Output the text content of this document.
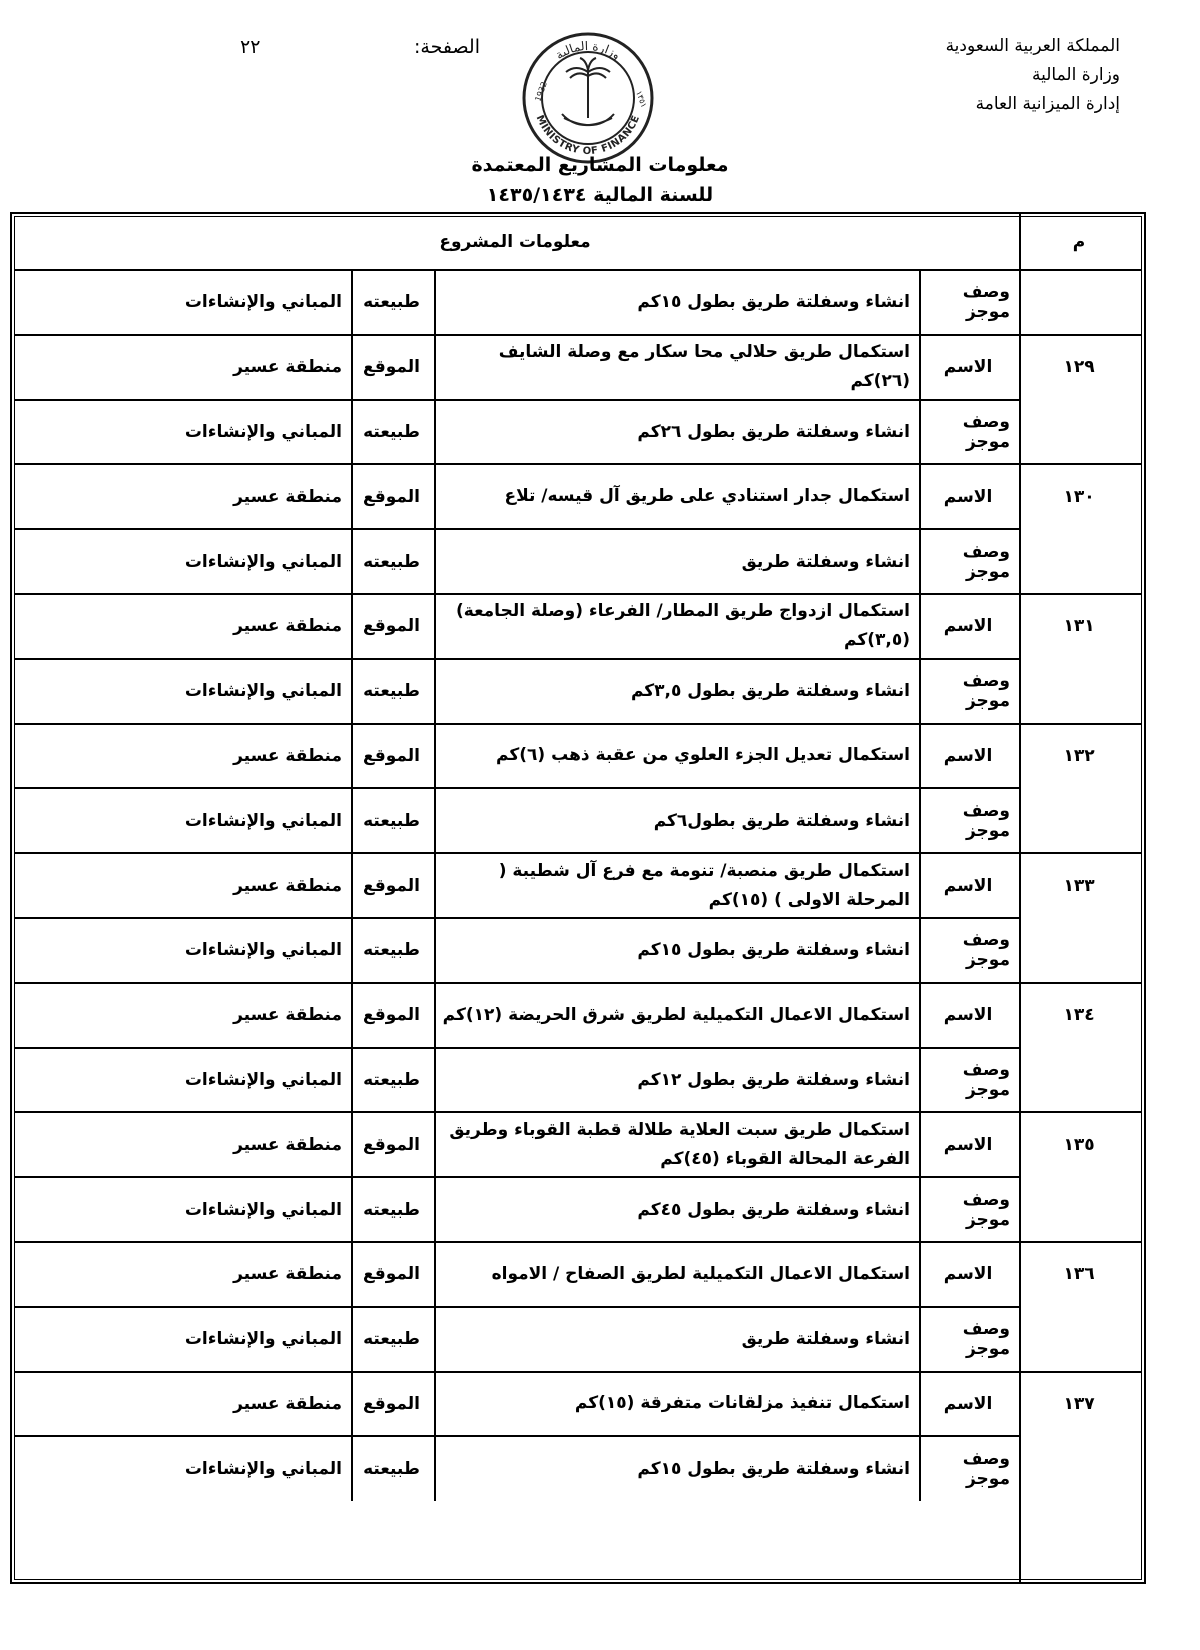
المملكة العربية السعودية
وزارة المالية
إدارة الميزانية العامة
الصفحة:
٢٢	وزارة المالية
MINISTRY OF FINANCE
1932	١٣٥١
معلومات المشاريع المعتمدة
للسنة المالية ١٤٣٥/١٤٣٤
م
معلومات المشروع
وصف موجز
انشاء وسفلتة طريق بطول ١٥كم
طبيعته
المباني والإنشاءات
١٢٩
الاسم
استكمال طريق حلالي محا سكار مع وصلة الشايف (٢٦)كم
الموقع
منطقة عسير
وصف موجز
انشاء وسفلتة طريق بطول ٢٦كم
طبيعته
المباني والإنشاءات
١٣٠
الاسم
استكمال جدار استنادي على طريق آل قيسه/ تلاع
الموقع
منطقة عسير
وصف موجز
انشاء وسفلتة طريق
طبيعته
المباني والإنشاءات
١٣١
الاسم
استكمال ازدواج طريق المطار/ الفرعاء (وصلة الجامعة) (٣,٥)كم
الموقع
منطقة عسير
وصف موجز
انشاء وسفلتة طريق بطول ٣,٥كم
طبيعته
المباني والإنشاءات
١٣٢
الاسم
استكمال تعديل الجزء العلوي من عقبة ذهب (٦)كم
الموقع
منطقة عسير
وصف موجز
انشاء وسفلتة طريق بطول٦كم
طبيعته
المباني والإنشاءات
١٣٣
الاسم
استكمال طريق منصبة/ تنومة مع فرع آل شطيبة ( المرحلة الاولى ) (١٥)كم
الموقع
منطقة عسير
وصف موجز
انشاء وسفلتة طريق بطول ١٥كم
طبيعته
المباني والإنشاءات
١٣٤
الاسم
استكمال الاعمال التكميلية لطريق شرق الحريضة (١٢)كم
الموقع
منطقة عسير
وصف موجز
انشاء وسفلتة طريق بطول ١٢كم
طبيعته
المباني والإنشاءات
١٣٥
الاسم
استكمال طريق سبت العلاية طلالة قطبة القوباء وطريق الفرعة المحالة القوباء (٤٥)كم
الموقع
منطقة عسير
وصف موجز
انشاء وسفلتة طريق بطول ٤٥كم
طبيعته
المباني والإنشاءات
١٣٦
الاسم
استكمال الاعمال التكميلية لطريق الصفاح / الامواه
الموقع
منطقة عسير
وصف موجز
انشاء وسفلتة طريق
طبيعته
المباني والإنشاءات
١٣٧
الاسم
استكمال تنفيذ مزلقانات متفرقة (١٥)كم
الموقع
منطقة عسير
وصف موجز
انشاء وسفلتة طريق بطول ١٥كم
طبيعته
المباني والإنشاءات
